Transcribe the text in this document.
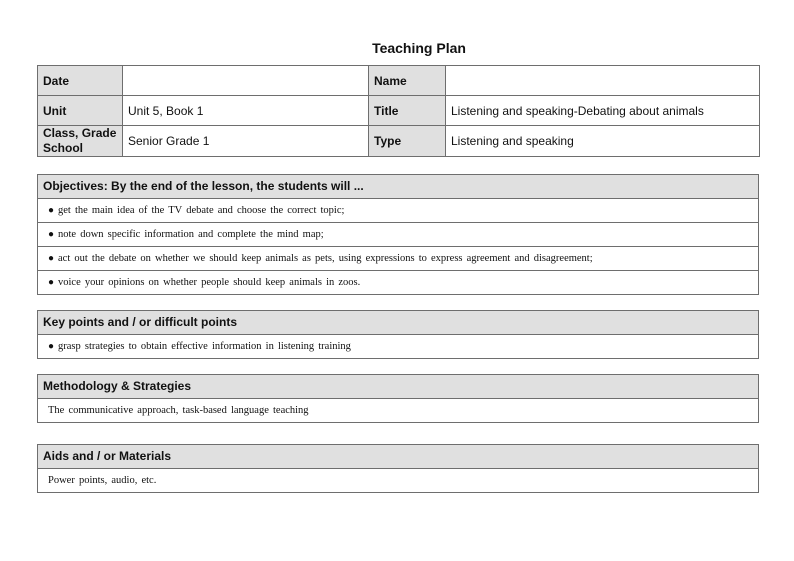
Teaching Plan
Date		Name	
Unit	Unit 5, Book 1	Title	Listening and speaking-Debating about animals
Class, Grade School	Senior Grade 1	Type	Listening and speaking
Objectives: By the end of the lesson, the students will ...
● get the main idea of the TV debate and choose the correct topic;
● note down specific information and complete the mind map;
● act out the debate on whether we should keep animals as pets, using expressions to express agreement and disagreement;
● voice your opinions on whether people should keep animals in zoos.
Key points and / or difficult points
● grasp strategies to obtain effective information in listening training
Methodology & Strategies
The communicative approach, task-based language teaching
Aids and / or Materials
Power points, audio, etc.
